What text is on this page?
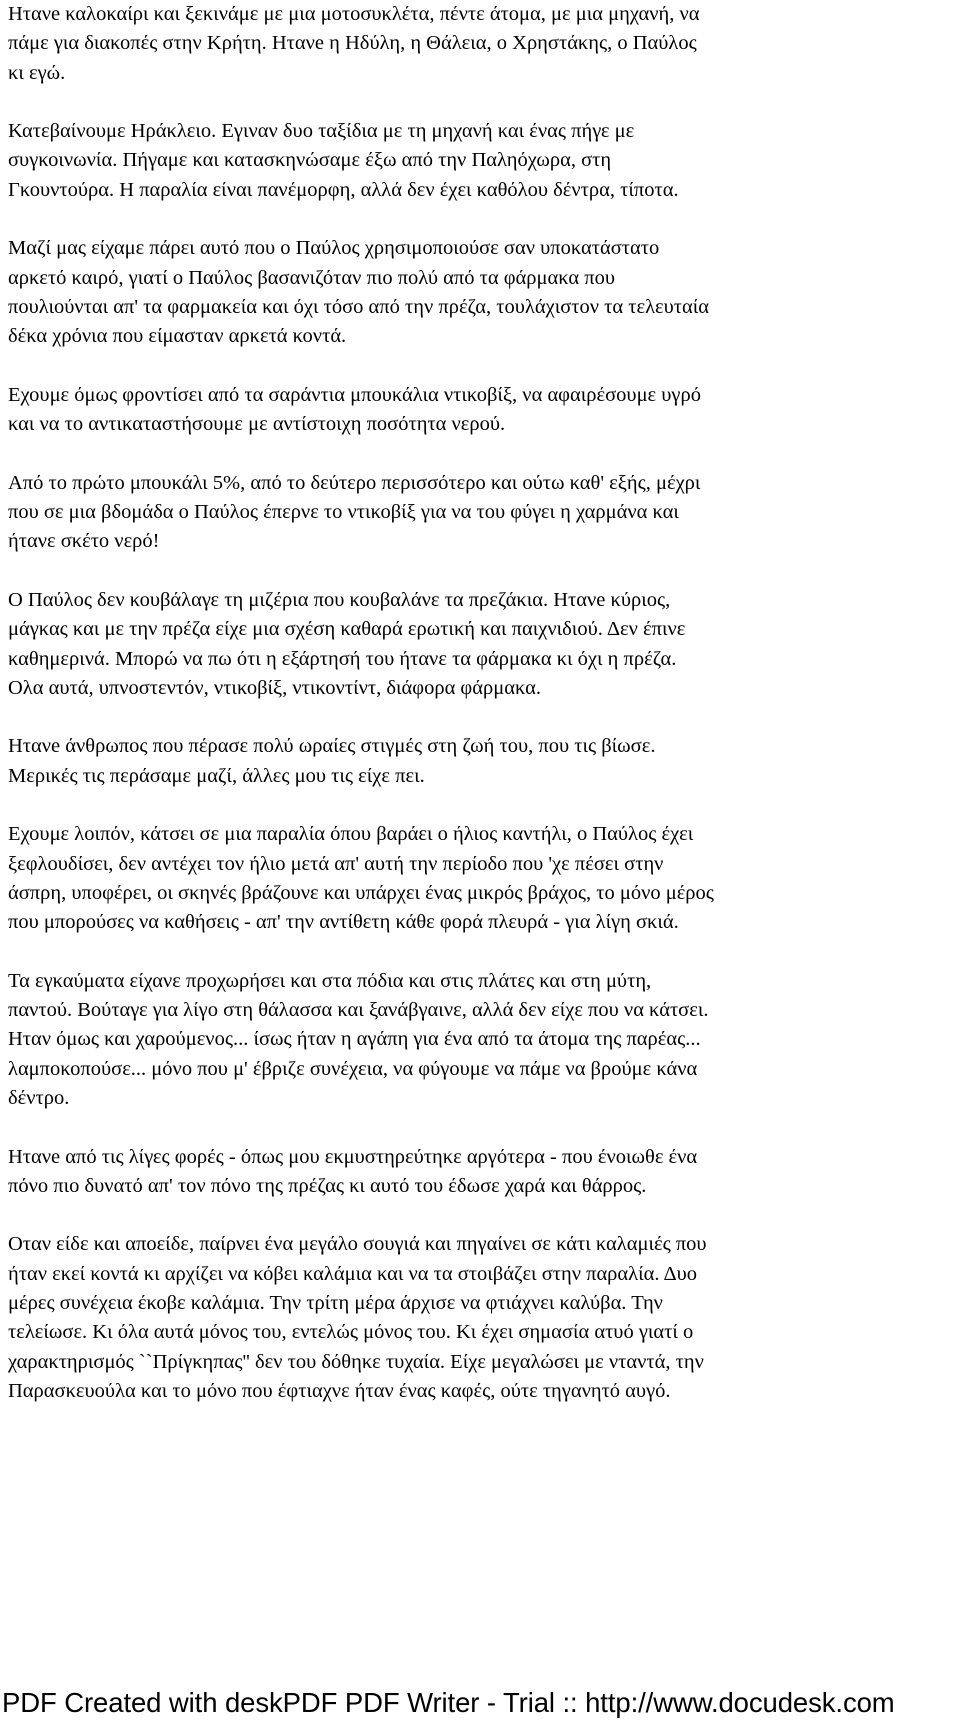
Ητανe καλοκαίρι και ξεκινάμε με μια μοτοσυκλέτα, πέντε άτομα, με μια μηχανή, να
πάμε για διακοπές στην Κρήτη. Ητανe η Ηδύλη, η Θάλεια, ο Χρηστάκης, ο Παύλος
κι εγώ.

Κατεβαίνουμε Ηράκλειο. Εγιναν δυο ταξίδια με τη μηχανή και ένας πήγε με
συγκοινωνία. Πήγαμε και κατασκηνώσαμε έξω από την Παληόχωρα, στη
Γκουντούρα. Η παραλία είναι πανέμορφη, αλλά δεν έχει καθόλου δέντρα, τίποτα.

Μαζί μας είχαμε πάρει αυτό που ο Παύλος χρησιμοποιούσε σαν υποκατάστατο
αρκετό καιρό, γιατί ο Παύλος βασανιζόταν πιο πολύ από τα φάρμακα που
πουλιούνται απ' τα φαρμακεία και όχι τόσο από την πρέζα, τουλάχιστον τα τελευταία
δέκα χρόνια που είμασταν αρκετά κοντά.

Εχουμε όμως φροντίσει από τα σαράντια μπουκάλια ντικοβίξ, να αφαιρέσουμε υγρό
και να το αντικαταστήσουμε με αντίστοιχη ποσότητα νερού.

Από το πρώτο μπουκάλι 5%, από το δεύτερο περισσότερο και ούτω καθ' εξής, μέχρι
που σε μια βδομάδα ο Παύλος έπερνε το ντικοβίξ για να του φύγει η χαρμάνα και
ήτανε σκέτο νερό!

Ο Παύλος δεν κουβάλαγε τη μιζέρια που κουβαλάνε τα πρεζάκια. Ητανe κύριος,
μάγκας και με την πρέζα είχε μια σχέση καθαρά ερωτική και παιχνιδιού. Δεν έπινε
καθημερινά. Μπορώ να πω ότι η εξάρτησή του ήτανε τα φάρμακα κι όχι η πρέζα.
Ολα αυτά, υπνοστεντόν, ντικοβίξ, ντικοντίντ, διάφορα φάρμακα.

Ητανe άνθρωπος που πέρασε πολύ ωραίες στιγμές στη ζωή του, που τις βίωσε.
Μερικές τις περάσαμε μαζί, άλλες μου τις είχε πει.

Εχουμε λοιπόν, κάτσει σε μια παραλία όπου βαράει ο ήλιος καντήλι, ο Παύλος έχει
ξεφλουδίσει, δεν αντέχει τον ήλιο μετά απ' αυτή την περίοδο που 'χε πέσει στην
άσπρη, υποφέρει, οι σκηνές βράζουνε και υπάρχει ένας μικρός βράχος, το μόνο μέρος
που μπορούσες να καθήσεις - απ' την αντίθετη κάθε φορά πλευρά - για λίγη σκιά.

Τα εγκαύματα είχανε προχωρήσει και στα πόδια και στις πλάτες και στη μύτη,
παντού. Βούταγε για λίγο στη θάλασσα και ξανάβγαινε, αλλά δεν είχε που να κάτσει.
Ηταν όμως και χαρούμενος... ίσως ήταν η αγάπη για ένα από τα άτομα της παρέας...
λαμποκοπούσε... μόνο που μ' έβριζε συνέχεια, να φύγουμε να πάμε να βρούμε κάνα
δέντρο.

Ητανe από τις λίγες φορές - όπως μου εκμυστηρεύτηκε αργότερα - που ένοιωθε ένα
πόνο πιο δυνατό απ' τον πόνο της πρέζας κι αυτό του έδωσε χαρά και θάρρος.

Οταν είδε και αποείδε, παίρνει ένα μεγάλο σουγιά και πηγαίνει σε κάτι καλαμιές που
ήταν εκεί κοντά κι αρχίζει να κόβει καλάμια και να τα στοιβάζει στην παραλία. Δυο
μέρες συνέχεια έκοβε καλάμια. Την τρίτη μέρα άρχισε να φτιάχνει καλύβα. Την
τελείωσε. Κι όλα αυτά μόνος του, εντελώς μόνος του. Κι έχει σημασία ατυό γιατί ο
χαρακτηρισμός ``Πρίγκηπας'' δεν του δόθηκε τυχαία. Είχε μεγαλώσει με νταντά, την
Παρασκευούλα και το μόνο που έφτιαχνε ήταν ένας καφές, ούτε τηγανητό αυγό.

PDF Created with deskPDF PDF Writer - Trial :: http://www.docudesk.com
